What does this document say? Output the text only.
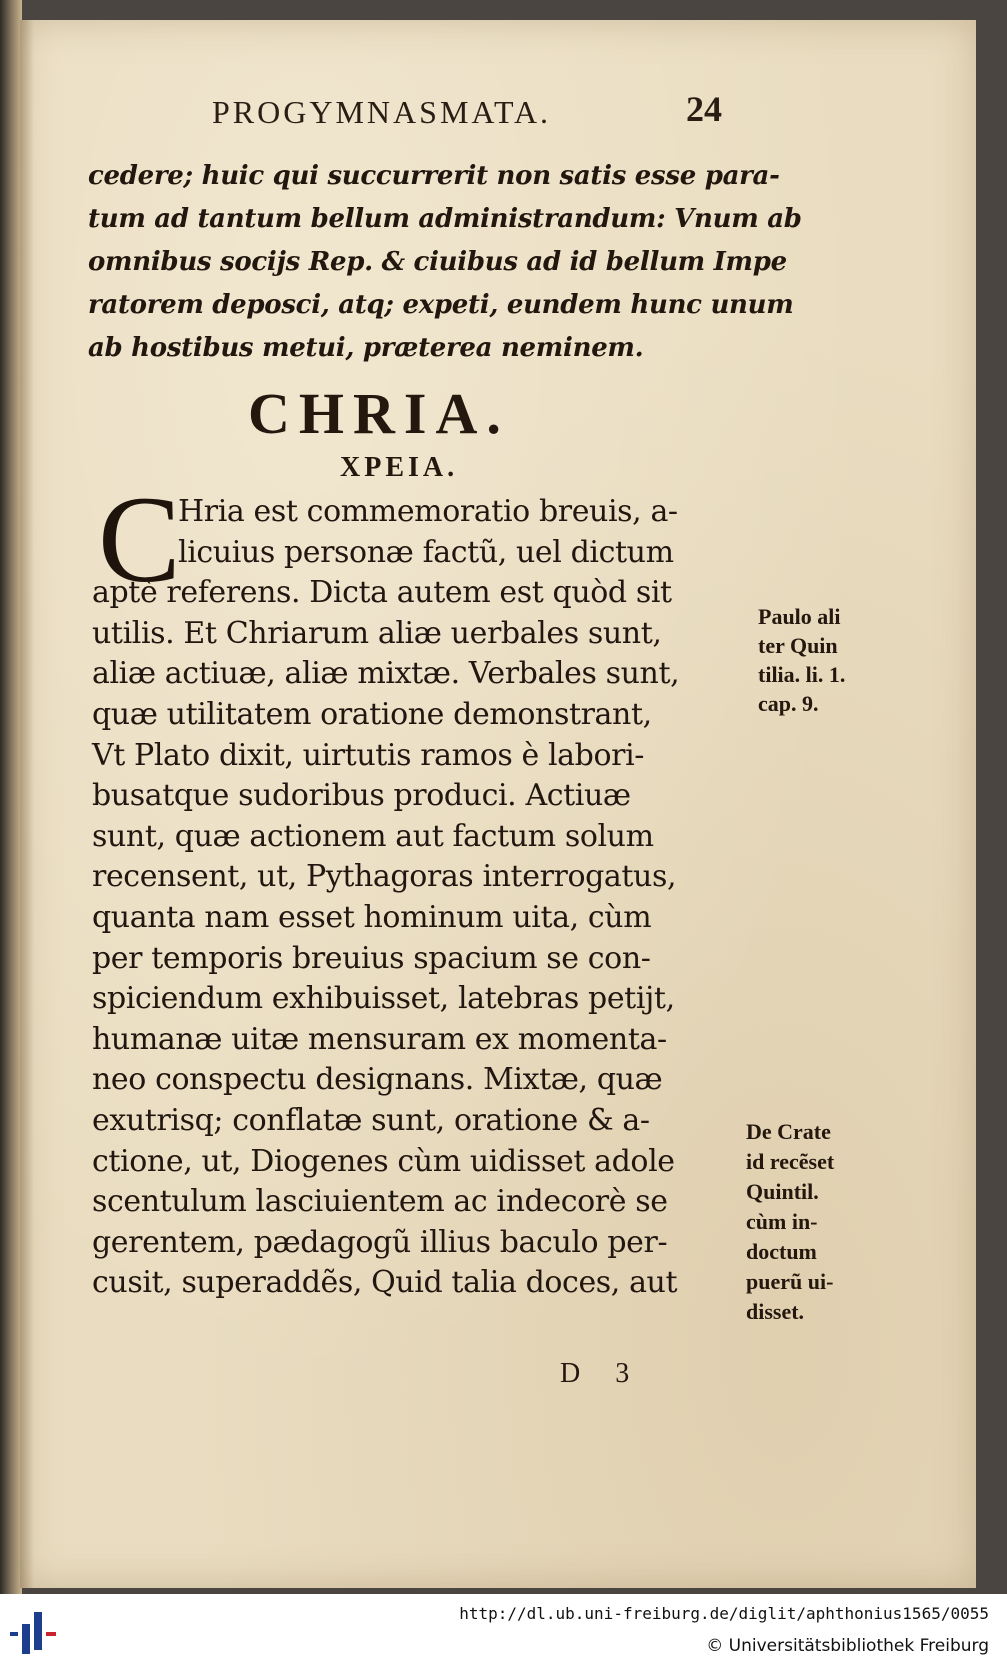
PROGYMNASMATA.	24
cedere; huic qui succurrerit non satis esse para-
tum ad tantum bellum administrandum: Vnum ab
omnibus socijs Rep. & ciuibus ad id bellum Impe
ratorem deposci, atq; expeti, eundem hunc unum
ab hostibus metui, præterea neminem.
CHRIA.
XPEIA.
C
Hria est commemoratio breuis, a-
licuius personæ factũ, uel dictum
aptè referens. Dicta autem est quòd sit
utilis. Et Chriarum aliæ uerbales sunt,
aliæ actiuæ, aliæ mixtæ. Verbales sunt,
quæ utilitatem oratione demonstrant,
Vt Plato dixit, uirtutis ramos è labori-
busatque sudoribus produci. Actiuæ
sunt, quæ actionem aut factum solum
recensent, ut, Pythagoras interrogatus,
quanta nam esset hominum uita, cùm
per temporis breuius spacium se con-
spiciendum exhibuisset, latebras petijt,
humanæ uitæ mensuram ex momenta-
neo conspectu designans. Mixtæ, quæ
exutrisq; conflatæ sunt, oratione & a-
ctione, ut, Diogenes cùm uidisset adole
scentulum lasciuientem ac indecorè se
gerentem, pædagogũ illius baculo per-
cusit, superaddẽs, Quid talia doces, aut
Paulo ali
ter Quin
tilia. li. 1.
cap. 9.
De Crate
id recẽset
Quintil.
cùm in-
doctum
puerũ ui-
disset.
D 3
http://dl.ub.uni-freiburg.de/diglit/aphthonius1565/0055
© Universitätsbibliothek Freiburg
